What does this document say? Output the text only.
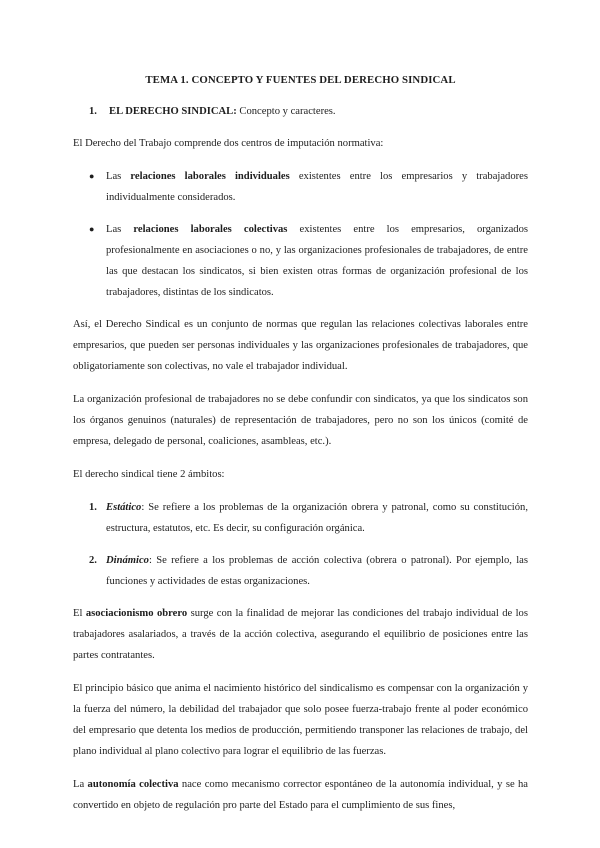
TEMA 1. CONCEPTO Y FUENTES DEL DERECHO SINDICAL
1.	EL DERECHO SINDICAL: Concepto y caracteres.

El Derecho del Trabajo comprende dos centros de imputación normativa:

● Las relaciones laborales individuales existentes entre los empresarios y trabajadores individualmente considerados.
● Las relaciones laborales colectivas existentes entre los empresarios, organizados profesionalmente en asociaciones o no, y las organizaciones profesionales de trabajadores, de entre las que destacan los sindicatos, si bien existen otras formas de organización profesional de los trabajadores, distintas de los sindicatos.

Así, el Derecho Sindical es un conjunto de normas que regulan las relaciones colectivas laborales entre empresarios, que pueden ser personas individuales y las organizaciones profesionales de trabajadores, que obligatoriamente son colectivas, no vale el trabajador individual.

La organización profesional de trabajadores no se debe confundir con sindicatos, ya que los sindicatos son los órganos genuinos (naturales) de representación de trabajadores, pero no son los únicos (comité de empresa, delegado de personal, coaliciones, asambleas, etc.).

El derecho sindical tiene 2 ámbitos:

1. Estático: Se refiere a los problemas de la organización obrera y patronal, como su constitución, estructura, estatutos, etc. Es decir, su configuración orgánica.
2. Dinámico: Se refiere a los problemas de acción colectiva (obrera o patronal). Por ejemplo, las funciones y actividades de estas organizaciones.

El asociacionismo obrero surge con la finalidad de mejorar las condiciones del trabajo individual de los trabajadores asalariados, a través de la acción colectiva, asegurando el equilibrio de posiciones entre las partes contratantes.

El principio básico que anima el nacimiento histórico del sindicalismo es compensar con la organización y la fuerza del número, la debilidad del trabajador que solo posee fuerza-trabajo frente al poder económico del empresario que detenta los medios de producción, permitiendo transponer las relaciones de trabajo, del plano individual al plano colectivo para lograr el equilibrio de las fuerzas.

La autonomía colectiva nace como mecanismo corrector espontáneo de la autonomía individual, y se ha convertido en objeto de regulación pro parte del Estado para el cumplimiento de sus fines,
